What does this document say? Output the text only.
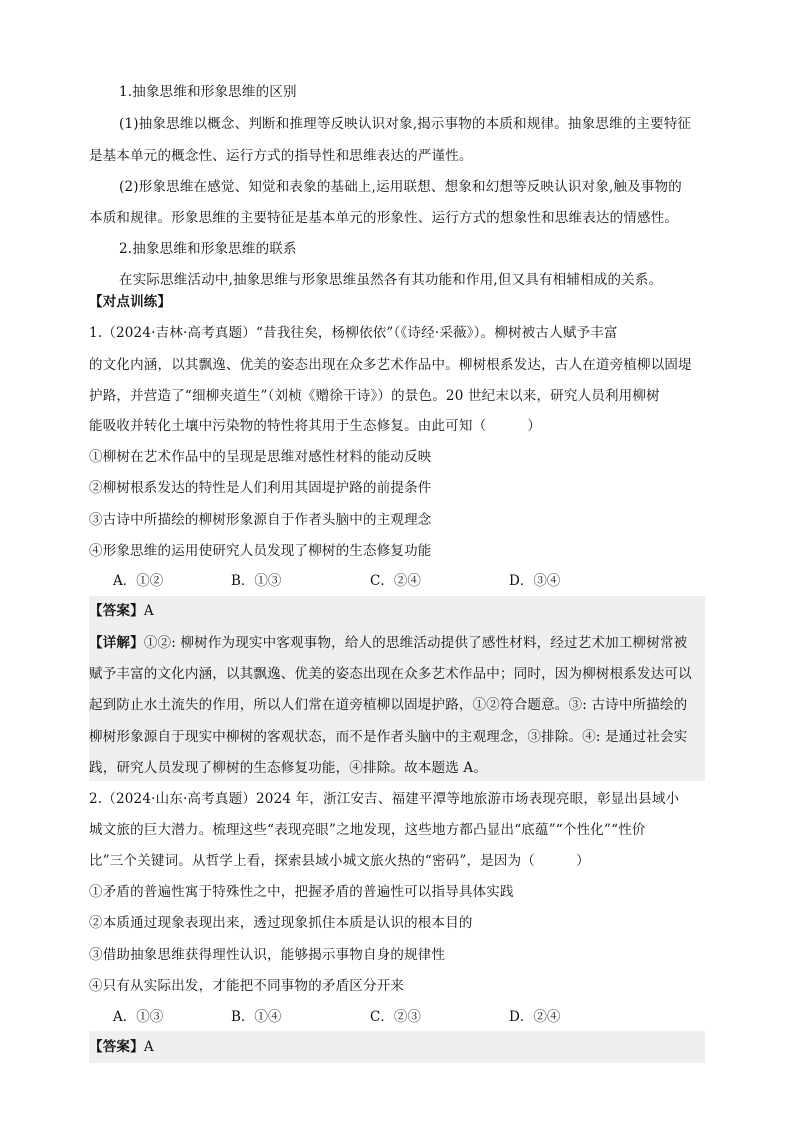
1.抽象思维和形象思维的区别
(1)抽象思维以概念、判断和推理等反映认识对象,揭示事物的本质和规律。抽象思维的主要特征
是基本单元的概念性、运行方式的指导性和思维表达的严谨性。
(2)形象思维在感觉、知觉和表象的基础上,运用联想、想象和幻想等反映认识对象,触及事物的
本质和规律。形象思维的主要特征是基本单元的形象性、运行方式的想象性和思维表达的情感性。
2.抽象思维和形象思维的联系
在实际思维活动中,抽象思维与形象思维虽然各有其功能和作用,但又具有相辅相成的关系。
【对点训练】
1.（2024·吉林·高考真题）“昔我往矣，杨柳依依”（《诗经·采薇》）。柳树被古人赋予丰富
的文化内涵，以其飘逸、优美的姿态出现在众多艺术作品中。柳树根系发达，古人在道旁植柳以固堤
护路，并营造了“细柳夹道生”（刘桢《赠徐干诗》）的景色。20 世纪末以来，研究人员利用柳树
能吸收并转化土壤中污染物的特性将其用于生态修复。由此可知（　　　）
①柳树在艺术作品中的呈现是思维对感性材料的能动反映
②柳树根系发达的特性是人们利用其固堤护路的前提条件
③古诗中所描绘的柳树形象源自于作者头脑中的主观理念
④形象思维的运用使研究人员发现了柳树的生态修复功能
A．①②	B．①③	C．②④	D．③④
【答案】A
【详解】①②: 柳树作为现实中客观事物，给人的思维活动提供了感性材料，经过艺术加工柳树常被
赋予丰富的文化内涵，以其飘逸、优美的姿态出现在众多艺术作品中；同时，因为柳树根系发达可以
起到防止水土流失的作用，所以人们常在道旁植柳以固堤护路，①②符合题意。③: 古诗中所描绘的
柳树形象源自于现实中柳树的客观状态，而不是作者头脑中的主观理念，③排除。④: 是通过社会实
践，研究人员发现了柳树的生态修复功能，④排除。故本题选 A。
2.（2024·山东·高考真题）2024 年，浙江安吉、福建平潭等地旅游市场表现亮眼，彰显出县域小
城文旅的巨大潜力。梳理这些“表现亮眼”之地发现，这些地方都凸显出“底蕴”“个性化”“性价
比”三个关键词。从哲学上看，探索县域小城文旅火热的“密码”，是因为（　　　）
①矛盾的普遍性寓于特殊性之中，把握矛盾的普遍性可以指导具体实践
②本质通过现象表现出来，透过现象抓住本质是认识的根本目的
③借助抽象思维获得理性认识，能够揭示事物自身的规律性
④只有从实际出发，才能把不同事物的矛盾区分开来
A．①③	B．①④	C．②③	D．②④
【答案】A
